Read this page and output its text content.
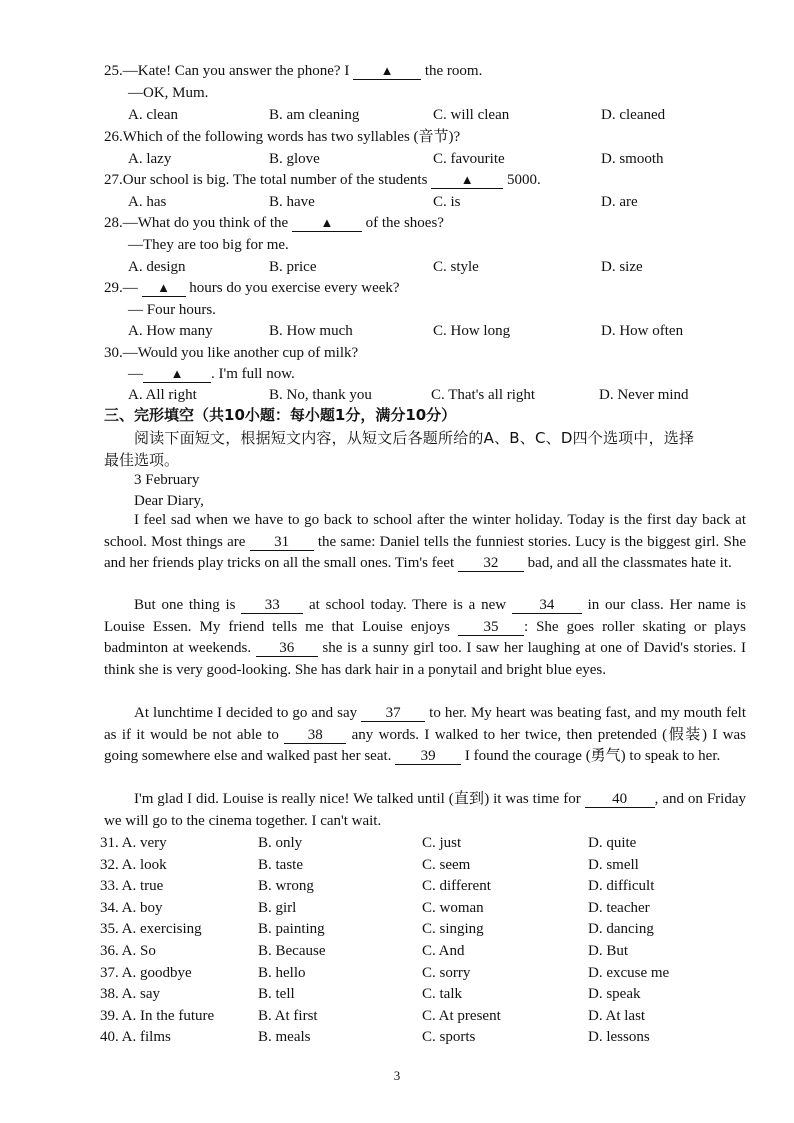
25.—Kate! Can you answer the phone? I ▲ the room.
—OK, Mum.
A. clean	B. am cleaning	C. will clean	D. cleaned
26.Which of the following words has two syllables (音节)?
A. lazy	B. glove	C. favourite	D. smooth
27.Our school is big. The total number of the students ▲ 5000.
A. has	B. have	C. is	D. are
28.—What do you think of the ▲ of the shoes?
—They are too big for me.
A. design	B. price	C. style	D. size
29.— ▲ hours do you exercise every week?
— Four hours.
A. How many	B. How much	C. How long	D. How often
30.—Would you like another cup of milk?
— ▲ . I'm full now.
A. All right	B. No, thank you	C. That's all right	D. Never mind
三、完形填空（共10小题：每小题1分，满分10分）
阅读下面短文，根据短文内容，从短文后各题所给的A、B、C、D四个选项中，选择
最佳选项。
3 February
Dear Diary,
I feel sad when we have to go back to school after the winter holiday. Today is the first day back at school. Most things are 31 the same: Daniel tells the funniest stories. Lucy is the biggest girl. She and her friends play tricks on all the small ones. Tim's feet 32 bad, and all the classmates hate it.
But one thing is 33 at school today. There is a new 34 in our class. Her name is Louise Essen. My friend tells me that Louise enjoys 35 : She goes roller skating or plays badminton at weekends. 36 she is a sunny girl too. I saw her laughing at one of David's stories. I think she is very good-looking. She has dark hair in a ponytail and bright blue eyes.
At lunchtime I decided to go and say 37 to her. My heart was beating fast, and my mouth felt as if it would be not able to 38 any words. I walked to her twice, then pretended (假装) I was going somewhere else and walked past her seat. 39 I found the courage (勇气) to speak to her.
I'm glad I did. Louise is really nice! We talked until (直到) it was time for 40 , and on Friday we will go to the cinema together. I can't wait.
31. A. very	B. only	C. just	D. quite
32. A. look	B. taste	C. seem	D. smell
33. A. true	B. wrong	C. different	D. difficult
34. A. boy	B. girl	C. woman	D. teacher
35. A. exercising	B. painting	C. singing	D. dancing
36. A. So	B. Because	C. And	D. But
37. A. goodbye	B. hello	C. sorry	D. excuse me
38. A. say	B. tell	C. talk	D. speak
39. A. In the future	B. At first	C. At present	D. At last
40. A. films	B. meals	C. sports	D. lessons
3
